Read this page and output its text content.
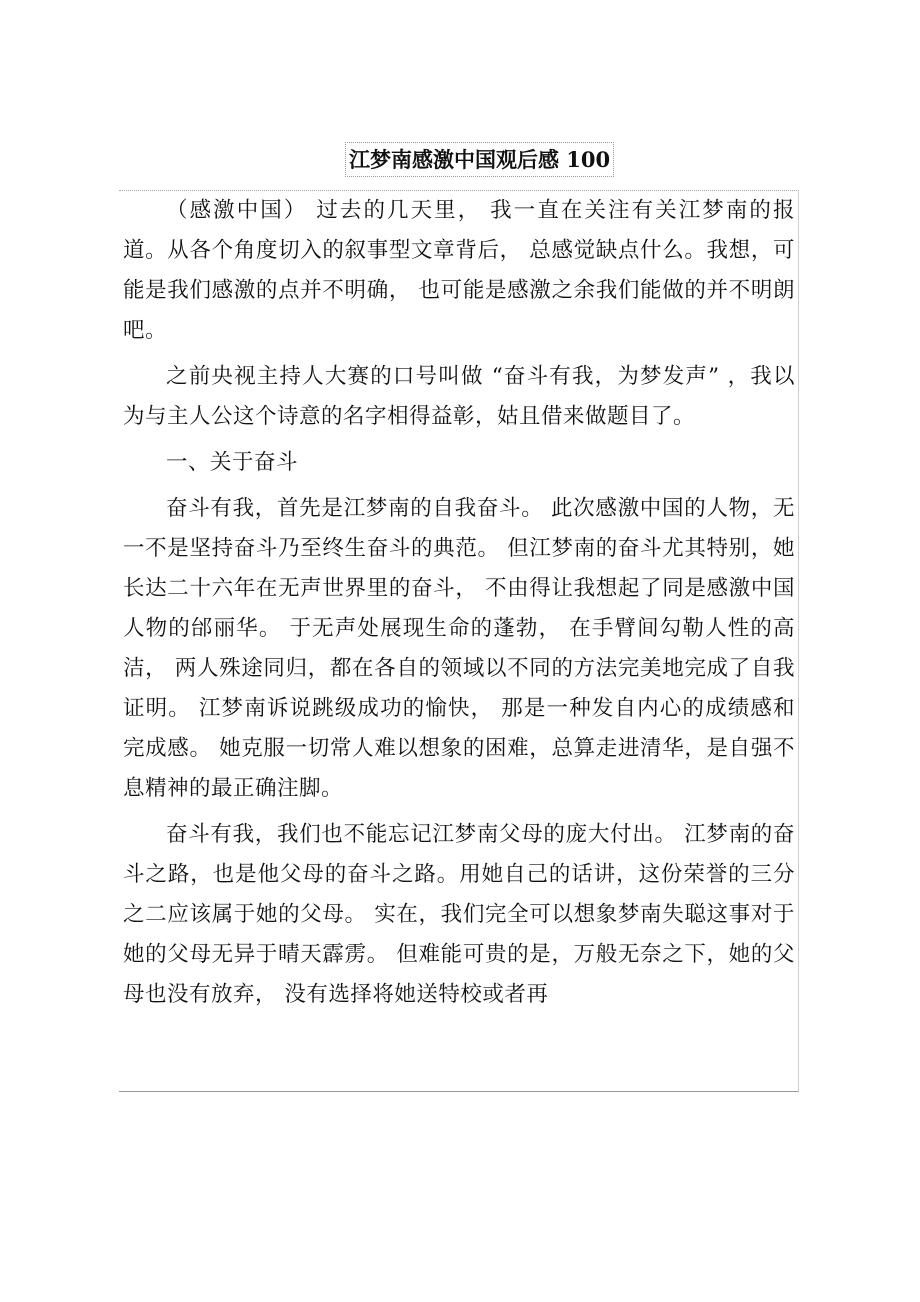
江梦南感激中国观后感 100

（感激中国） 过去的几天里， 我一直在关注有关江梦南的报道。从各个角度切入的叙事型文章背后， 总感觉缺点什么。我想，可能是我们感激的点并不明确， 也可能是感激之余我们能做的并不明朗吧。

之前央视主持人大赛的口号叫做 “奋斗有我，为梦发声” ，我以为与主人公这个诗意的名字相得益彰，姑且借来做题目了。

一、关于奋斗

奋斗有我，首先是江梦南的自我奋斗。 此次感激中国的人物，无一不是坚持奋斗乃至终生奋斗的典范。 但江梦南的奋斗尤其特别，她长达二十六年在无声世界里的奋斗， 不由得让我想起了同是感激中国人物的邰丽华。 于无声处展现生命的蓬勃， 在手臂间勾勒人性的高洁， 两人殊途同归，都在各自的领域以不同的方法完美地完成了自我证明。 江梦南诉说跳级成功的愉快， 那是一种发自内心的成绩感和完成感。 她克服一切常人难以想象的困难，总算走进清华，是自强不息精神的最正确注脚。

奋斗有我，我们也不能忘记江梦南父母的庞大付出。 江梦南的奋斗之路，也是他父母的奋斗之路。用她自己的话讲，这份荣誉的三分之二应该属于她的父母。 实在，我们完全可以想象梦南失聪这事对于她的父母无异于晴天霹雳。 但难能可贵的是，万般无奈之下，她的父母也没有放弃， 没有选择将她送特校或者再
